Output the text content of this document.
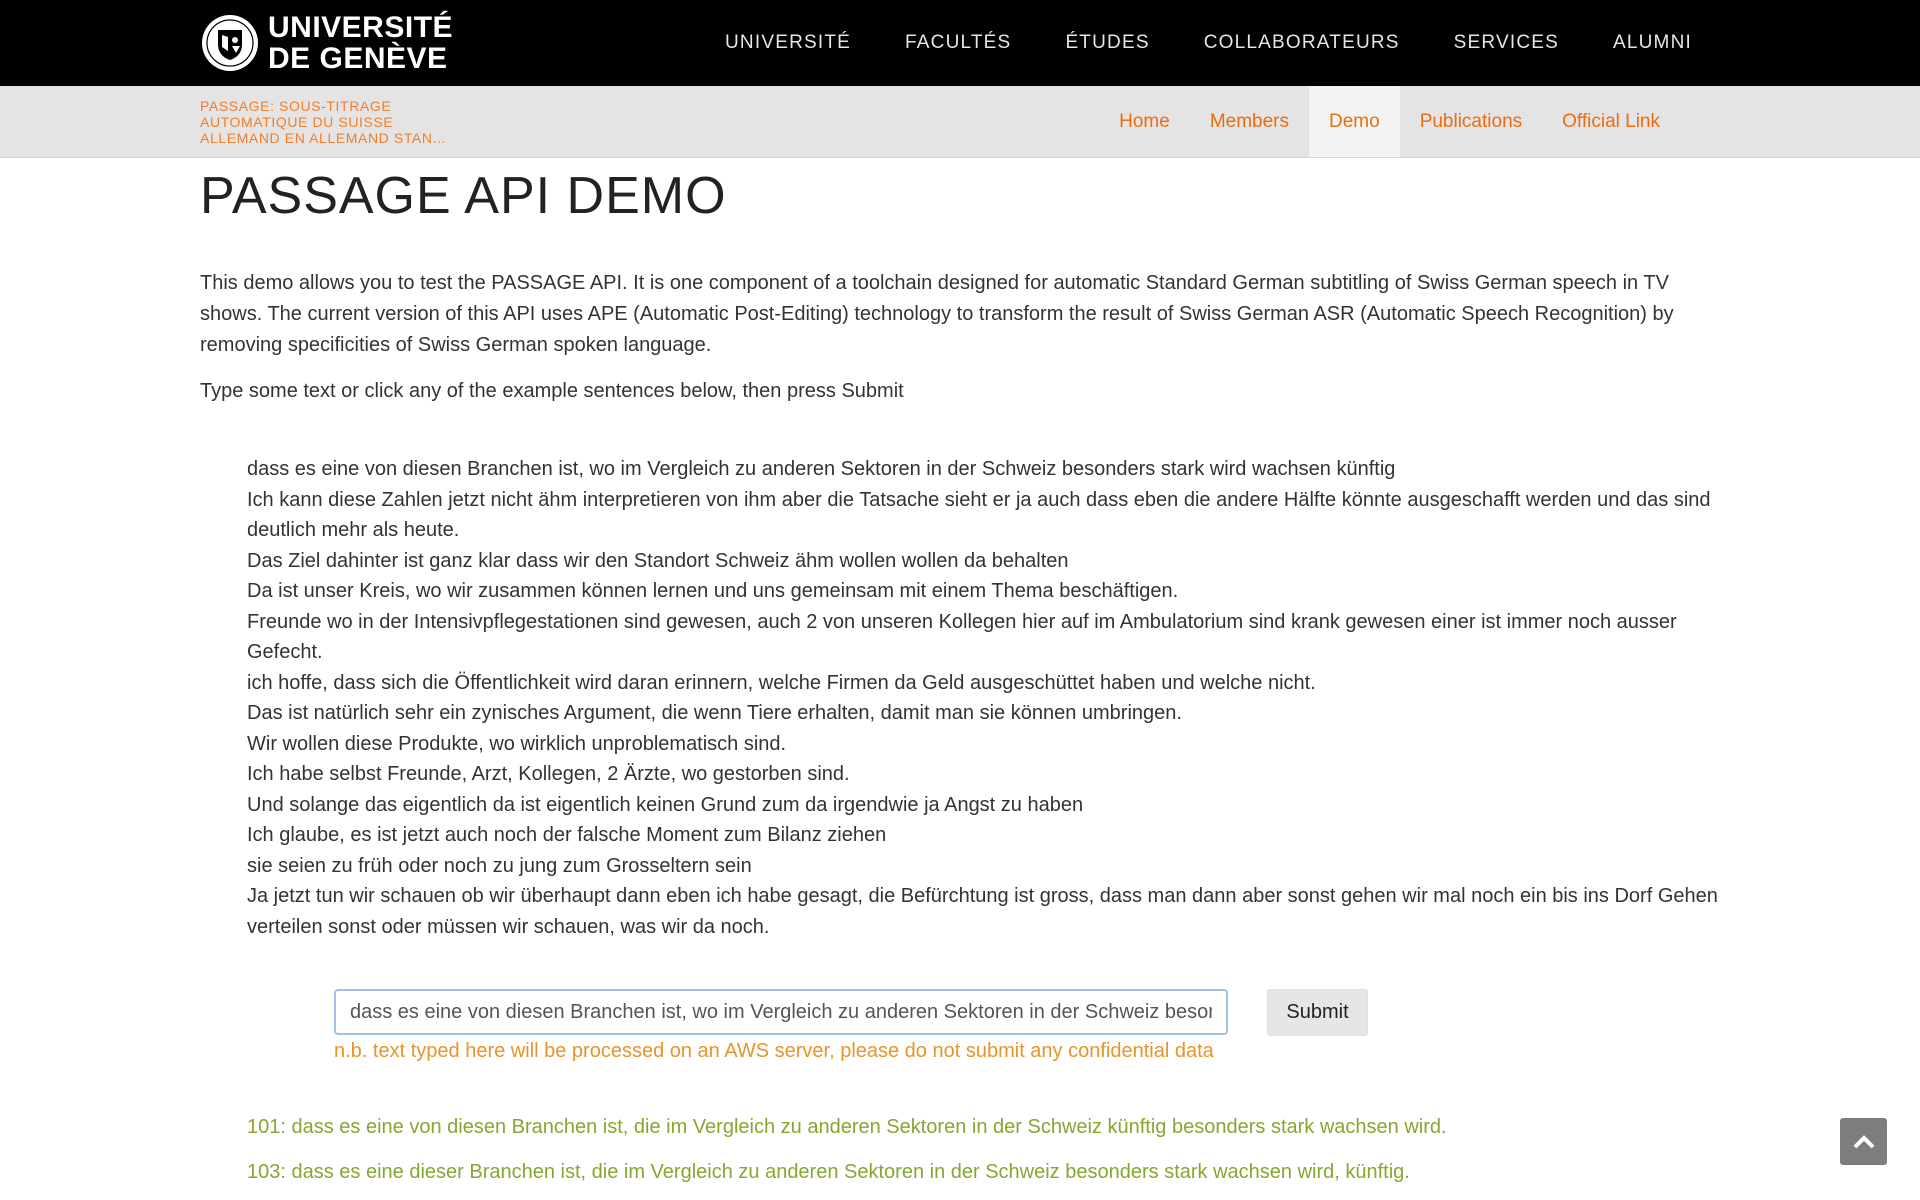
UNIVERSITÉ
DE GENÈVE	UNIVERSITÉ	FACULTÉS	ÉTUDES	COLLABORATEURS	SERVICES	ALUMNI
PASSAGE: SOUS-TITRAGE AUTOMATIQUE DU SUISSE ALLEMAND EN ALLEMAND STAN...
Home	Members	Demo	Publications	Official Link
PASSAGE API DEMO

This demo allows you to test the PASSAGE API. It is one component of a toolchain designed for automatic Standard German subtitling of Swiss German speech in TV shows. The current version of this API uses APE (Automatic Post-Editing) technology to transform the result of Swiss German ASR (Automatic Speech Recognition) by removing specificities of Swiss German spoken language.

Type some text or click any of the example sentences below, then press Submit

dass es eine von diesen Branchen ist, wo im Vergleich zu anderen Sektoren in der Schweiz besonders stark wird wachsen künftig
Ich kann diese Zahlen jetzt nicht ähm interpretieren von ihm aber die Tatsache sieht er ja auch dass eben die andere Hälfte könnte ausgeschafft werden und das sind deutlich mehr als heute.
Das Ziel dahinter ist ganz klar dass wir den Standort Schweiz ähm wollen wollen da behalten
Da ist unser Kreis, wo wir zusammen können lernen und uns gemeinsam mit einem Thema beschäftigen.
Freunde wo in der Intensivpflegestationen sind gewesen, auch 2 von unseren Kollegen hier auf im Ambulatorium sind krank gewesen einer ist immer noch ausser Gefecht.
ich hoffe, dass sich die Öffentlichkeit wird daran erinnern, welche Firmen da Geld ausgeschüttet haben und welche nicht.
Das ist natürlich sehr ein zynisches Argument, die wenn Tiere erhalten, damit man sie können umbringen.
Wir wollen diese Produkte, wo wirklich unproblematisch sind.
Ich habe selbst Freunde, Arzt, Kollegen, 2 Ärzte, wo gestorben sind.
Und solange das eigentlich da ist eigentlich keinen Grund zum da irgendwie ja Angst zu haben
Ich glaube, es ist jetzt auch noch der falsche Moment zum Bilanz ziehen
sie seien zu früh oder noch zu jung zum Grosseltern sein
Ja jetzt tun wir schauen ob wir überhaupt dann eben ich habe gesagt, die Befürchtung ist gross, dass man dann aber sonst gehen wir mal noch ein bis ins Dorf Gehen verteilen sonst oder müssen wir schauen, was wir da noch.
dass es eine von diesen Branchen ist, wo im Vergleich zu anderen Sektoren in der Schweiz besonders stark wird wachsen künftig
Submit

n.b. text typed here will be processed on an AWS server, please do not submit any confidential data

101: dass es eine von diesen Branchen ist, die im Vergleich zu anderen Sektoren in der Schweiz künftig besonders stark wachsen wird.

103: dass es eine dieser Branchen ist, die im Vergleich zu anderen Sektoren in der Schweiz besonders stark wachsen wird, künftig.
